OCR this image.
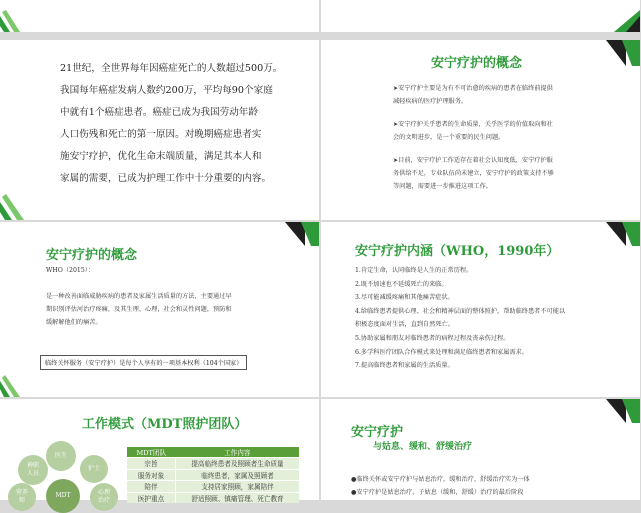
21世纪，全世界每年因癌症死亡的人数超过500万。
我国每年癌症发病人数约200万，平均每90个家庭
中就有1个癌症患者。癌症已成为我国劳动年龄
人口伤残和死亡的第一原因。对晚期癌症患者实
施安宁疗护，优化生命末端质量，满足其本人和
家属的需要，已成为护理工作中十分重要的内容。
安宁疗护的概念
➤安宁疗护主要是为有不可治愈的疾病的患者在临终前提供
减轻疾病的医疗护理服务。
➤安宁疗护关乎患者的生命质量，关乎医学的价值取向和社
会的文明进步，是一个重要的民生问题。
➤目前，安宁疗护工作适存在着社会认知度低，安宁疗护服
务供给不足，专业队伍尚未建立，安宁疗护的政策支持不够
等问题，需要进一步推进这项工作。
安宁疗护的概念
WHO（2015）：
是一种改善面临威胁疾病的患者及家属生活质量的方法，主要通过早
期识别评估河治疗疼痛，及其生理、心理，社会和灵性问题，预防和
缓解解他们的痛苦。
临终关怀服务（安宁疗护）是每个人享有的一项基本权利（104个国家）
安宁疗护内涵（WHO，1990年）
1.肯定生命，认同临终是人生的正常历程。
2.既不加速也不延缓死亡的来临。
3.尽可能减缓疼痛和其他痛苦症状。
4.给临终患者提供心理、社会和精神层面的整体照护，帮助临终患者不可能以
积极态度面对生活，直到自然死亡。
5.协助家属和朋友对临终患者的病程过程及丧亲伤过程。
6.多学科医疗团队合作模式来处理和满足临终患者和家属需求。
7.提高临终患者和家属的生活质量。
工作模式（MDT照护团队）
医生
神职
人员
护士
MDT
营养
师
心理
治疗
MDT团队	工作内容
宗旨	提高临终患者及照顾者生命质量
服务对象	临终患者，家属及照顾者
陪伴	支持居家照顾，家属陪伴
医护重点	舒适照顾、镇痛管理、死亡教育
安宁疗护
与姑息、缓和、舒缓治疗
●临终关怀或安宁疗护与姑息治疗，缓和治疗，舒缓治疗实为一体
●安宁疗护是姑息治疗，子姑息（缓和，舒缓）治疗的最后阶段
